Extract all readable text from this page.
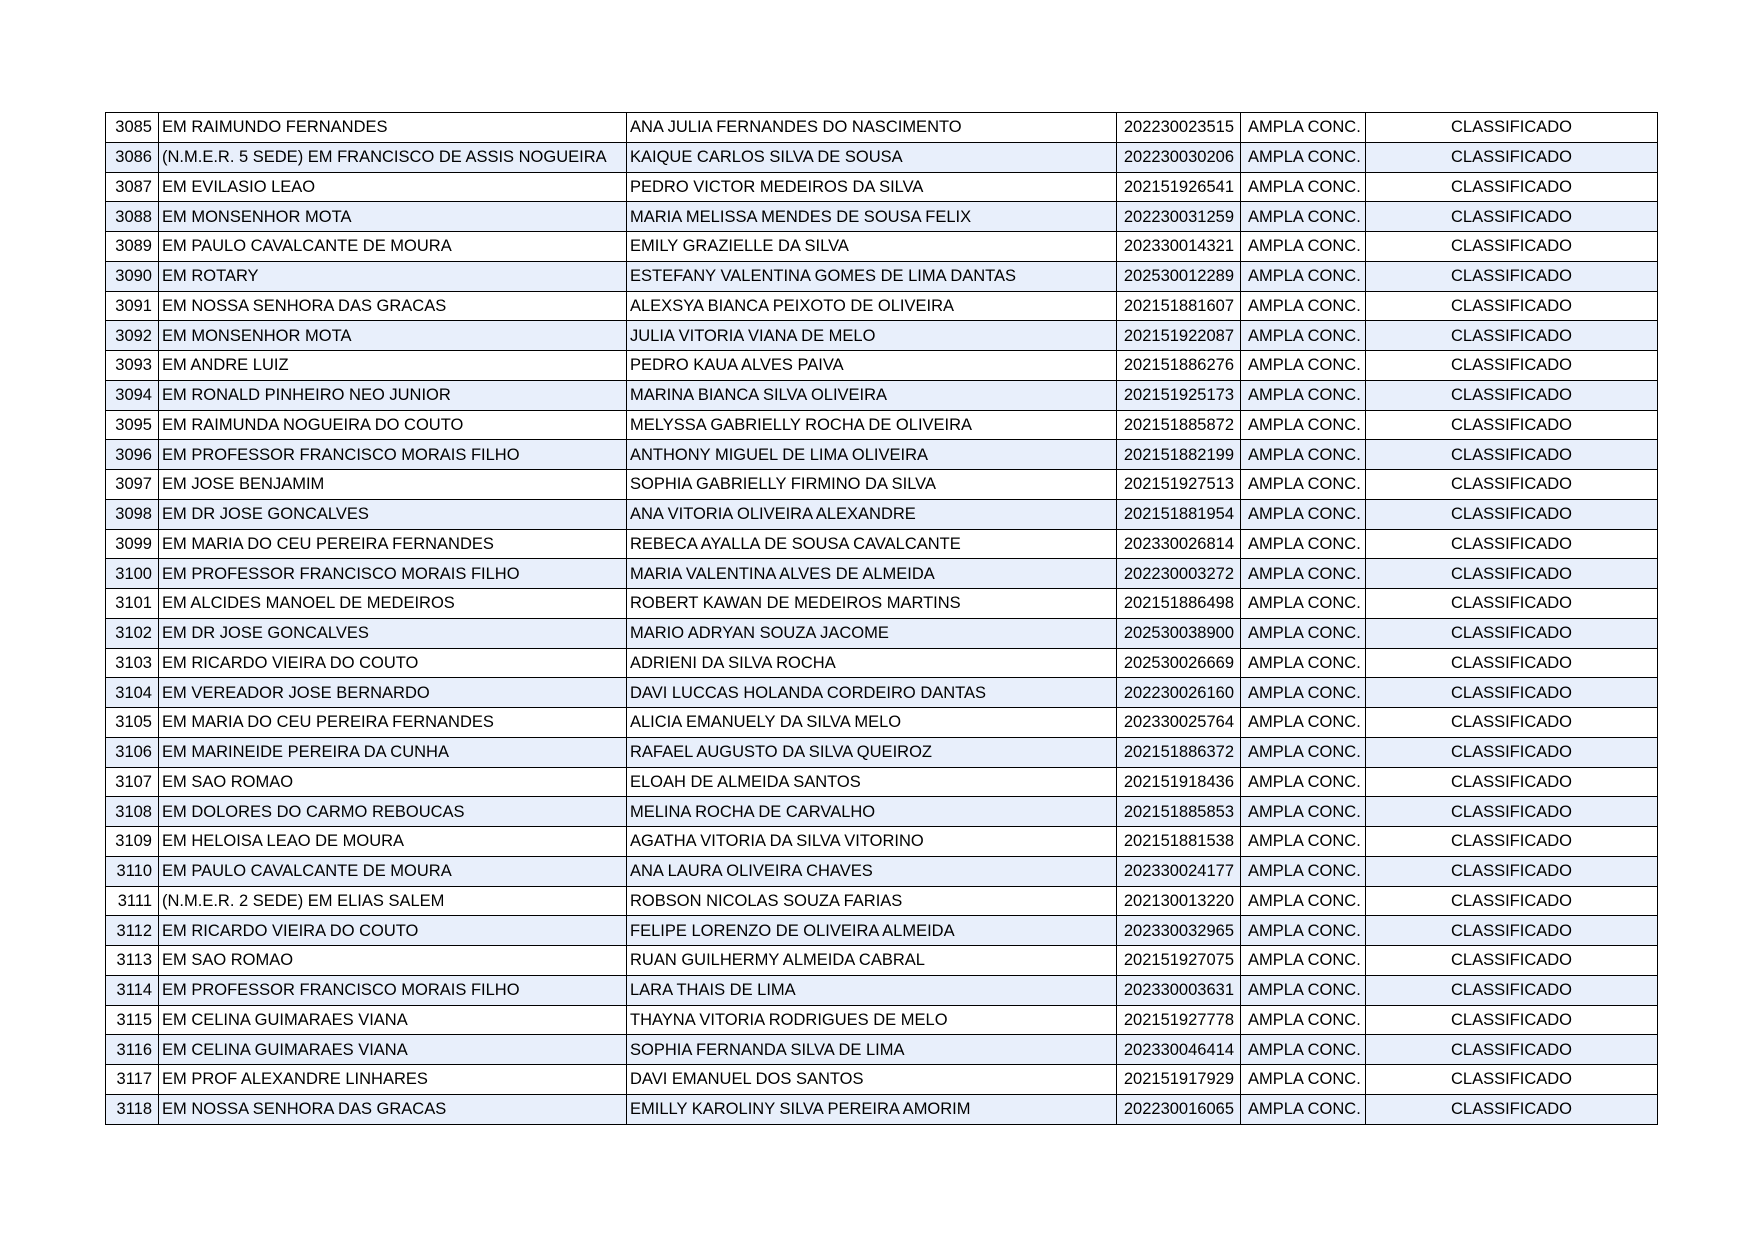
3085	EM RAIMUNDO FERNANDES	ANA JULIA FERNANDES DO NASCIMENTO	202230023515	AMPLA CONC.	CLASSIFICADO
3086	(N.M.E.R. 5 SEDE) EM FRANCISCO DE ASSIS NOGUEIRA	KAIQUE CARLOS SILVA DE SOUSA	202230030206	AMPLA CONC.	CLASSIFICADO
3087	EM EVILASIO LEAO	PEDRO VICTOR MEDEIROS DA SILVA	202151926541	AMPLA CONC.	CLASSIFICADO
3088	EM MONSENHOR MOTA	MARIA MELISSA MENDES DE SOUSA FELIX	202230031259	AMPLA CONC.	CLASSIFICADO
3089	EM PAULO CAVALCANTE DE MOURA	EMILY GRAZIELLE DA SILVA	202330014321	AMPLA CONC.	CLASSIFICADO
3090	EM ROTARY	ESTEFANY VALENTINA GOMES DE LIMA DANTAS	202530012289	AMPLA CONC.	CLASSIFICADO
3091	EM NOSSA SENHORA DAS GRACAS	ALEXSYA BIANCA PEIXOTO DE OLIVEIRA	202151881607	AMPLA CONC.	CLASSIFICADO
3092	EM MONSENHOR MOTA	JULIA VITORIA VIANA DE MELO	202151922087	AMPLA CONC.	CLASSIFICADO
3093	EM ANDRE LUIZ	PEDRO KAUA ALVES PAIVA	202151886276	AMPLA CONC.	CLASSIFICADO
3094	EM RONALD PINHEIRO NEO JUNIOR	MARINA BIANCA SILVA OLIVEIRA	202151925173	AMPLA CONC.	CLASSIFICADO
3095	EM RAIMUNDA NOGUEIRA DO COUTO	MELYSSA GABRIELLY ROCHA DE OLIVEIRA	202151885872	AMPLA CONC.	CLASSIFICADO
3096	EM PROFESSOR FRANCISCO MORAIS FILHO	ANTHONY MIGUEL DE LIMA OLIVEIRA	202151882199	AMPLA CONC.	CLASSIFICADO
3097	EM JOSE BENJAMIM	SOPHIA GABRIELLY FIRMINO DA SILVA	202151927513	AMPLA CONC.	CLASSIFICADO
3098	EM DR JOSE GONCALVES	ANA VITORIA OLIVEIRA ALEXANDRE	202151881954	AMPLA CONC.	CLASSIFICADO
3099	EM MARIA DO CEU PEREIRA FERNANDES	REBECA AYALLA DE SOUSA CAVALCANTE	202330026814	AMPLA CONC.	CLASSIFICADO
3100	EM PROFESSOR FRANCISCO MORAIS FILHO	MARIA VALENTINA ALVES DE ALMEIDA	202230003272	AMPLA CONC.	CLASSIFICADO
3101	EM ALCIDES MANOEL DE MEDEIROS	ROBERT KAWAN DE MEDEIROS MARTINS	202151886498	AMPLA CONC.	CLASSIFICADO
3102	EM DR JOSE GONCALVES	MARIO ADRYAN SOUZA JACOME	202530038900	AMPLA CONC.	CLASSIFICADO
3103	EM RICARDO VIEIRA DO COUTO	ADRIENI DA SILVA ROCHA	202530026669	AMPLA CONC.	CLASSIFICADO
3104	EM VEREADOR JOSE BERNARDO	DAVI LUCCAS HOLANDA CORDEIRO DANTAS	202230026160	AMPLA CONC.	CLASSIFICADO
3105	EM MARIA DO CEU PEREIRA FERNANDES	ALICIA EMANUELY DA SILVA MELO	202330025764	AMPLA CONC.	CLASSIFICADO
3106	EM MARINEIDE PEREIRA DA CUNHA	RAFAEL AUGUSTO DA SILVA QUEIROZ	202151886372	AMPLA CONC.	CLASSIFICADO
3107	EM SAO ROMAO	ELOAH DE ALMEIDA SANTOS	202151918436	AMPLA CONC.	CLASSIFICADO
3108	EM DOLORES DO CARMO REBOUCAS	MELINA ROCHA DE CARVALHO	202151885853	AMPLA CONC.	CLASSIFICADO
3109	EM HELOISA LEAO DE MOURA	AGATHA VITORIA DA SILVA VITORINO	202151881538	AMPLA CONC.	CLASSIFICADO
3110	EM PAULO CAVALCANTE DE MOURA	ANA LAURA OLIVEIRA CHAVES	202330024177	AMPLA CONC.	CLASSIFICADO
3111	(N.M.E.R. 2 SEDE) EM ELIAS SALEM	ROBSON NICOLAS SOUZA FARIAS	202130013220	AMPLA CONC.	CLASSIFICADO
3112	EM RICARDO VIEIRA DO COUTO	FELIPE LORENZO DE OLIVEIRA ALMEIDA	202330032965	AMPLA CONC.	CLASSIFICADO
3113	EM SAO ROMAO	RUAN GUILHERMY ALMEIDA CABRAL	202151927075	AMPLA CONC.	CLASSIFICADO
3114	EM PROFESSOR FRANCISCO MORAIS FILHO	LARA THAIS DE LIMA	202330003631	AMPLA CONC.	CLASSIFICADO
3115	EM CELINA GUIMARAES VIANA	THAYNA VITORIA RODRIGUES DE MELO	202151927778	AMPLA CONC.	CLASSIFICADO
3116	EM CELINA GUIMARAES VIANA	SOPHIA FERNANDA SILVA DE LIMA	202330046414	AMPLA CONC.	CLASSIFICADO
3117	EM PROF ALEXANDRE LINHARES	DAVI EMANUEL DOS SANTOS	202151917929	AMPLA CONC.	CLASSIFICADO
3118	EM NOSSA SENHORA DAS GRACAS	EMILLY KAROLINY SILVA PEREIRA AMORIM	202230016065	AMPLA CONC.	CLASSIFICADO
